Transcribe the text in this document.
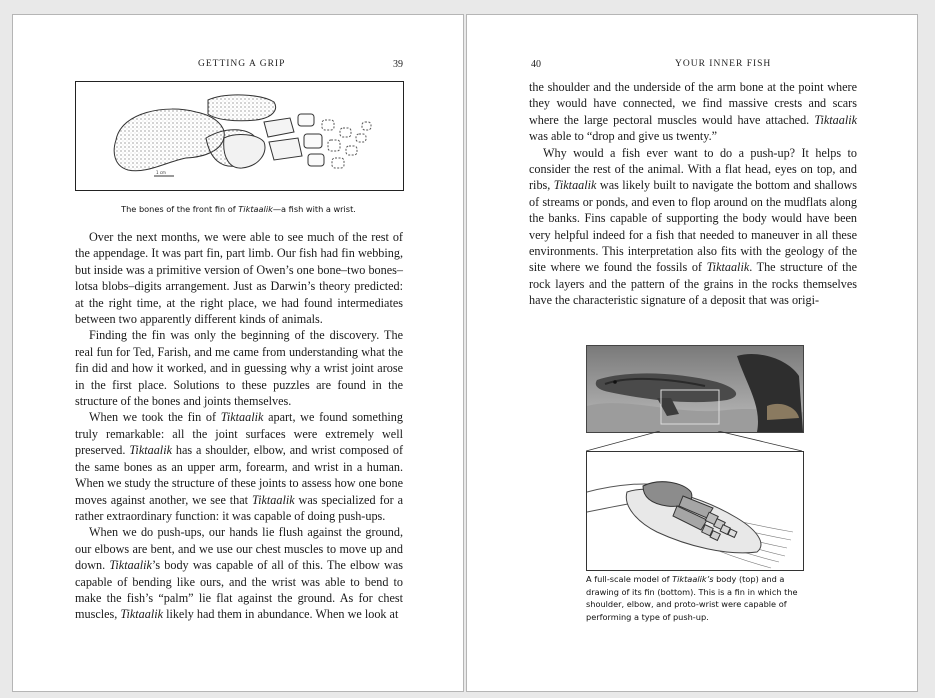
GETTING A GRIP	39
1 cm
The bones of the front fin of Tiktaalik—a fish with a wrist.

Over the next months, we were able to see much of the rest of the appendage. It was part fin, part limb. Our fish had fin webbing, but inside was a primitive version of Owen’s one bone–two bones–lotsa blobs–digits arrangement. Just as Darwin’s theory predicted: at the right time, at the right place, we had found intermediates between two apparently different kinds of animals.

Finding the fin was only the beginning of the discovery. The real fun for Ted, Farish, and me came from understanding what the fin did and how it worked, and in guessing why a wrist joint arose in the first place. Solutions to these puzzles are found in the structure of the bones and joints themselves.

When we took the fin of Tiktaalik apart, we found something truly remarkable: all the joint surfaces were extremely well preserved. Tiktaalik has a shoulder, elbow, and wrist composed of the same bones as an upper arm, forearm, and wrist in a human. When we study the structure of these joints to assess how one bone moves against another, we see that Tiktaalik was specialized for a rather extraordinary function: it was capable of doing push-ups.

When we do push-ups, our hands lie flush against the ground, our elbows are bent, and we use our chest muscles to move up and down. Tiktaalik’s body was capable of all of this. The elbow was capable of bending like ours, and the wrist was able to bend to make the fish’s “palm” lie flat against the ground. As for chest muscles, Tiktaalik likely had them in abundance. When we look at

40	YOUR INNER FISH

the shoulder and the underside of the arm bone at the point where they would have connected, we find massive crests and scars where the large pectoral muscles would have attached. Tiktaalik was able to “drop and give us twenty.”

Why would a fish ever want to do a push-up? It helps to consider the rest of the animal. With a flat head, eyes on top, and ribs, Tiktaalik was likely built to navigate the bottom and shallows of streams or ponds, and even to flop around on the mudflats along the banks. Fins capable of supporting the body would have been very helpful indeed for a fish that needed to maneuver in all these environments. This interpretation also fits with the geology of the site where we found the fossils of Tiktaalik. The structure of the rock layers and the pattern of the grains in the rocks themselves have the characteristic signature of a deposit that was origi-

A full-scale model of Tiktaalik’s body (top) and a drawing of its fin (bottom). This is a fin in which the shoulder, elbow, and proto-wrist were capable of performing a type of push-up.
